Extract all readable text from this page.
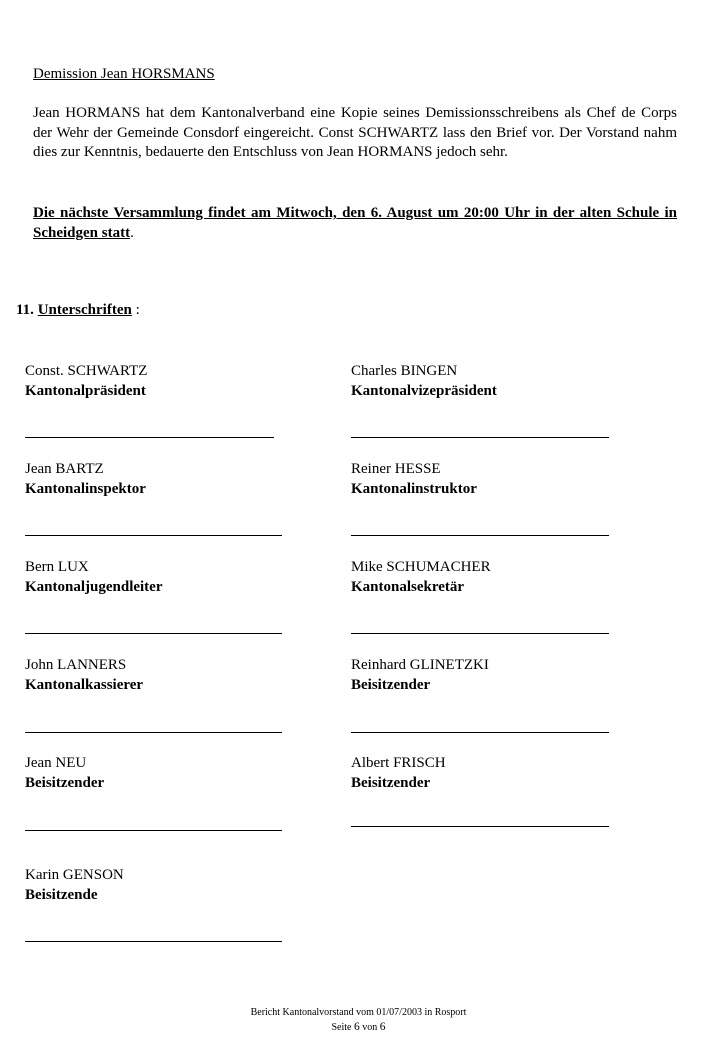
Demission Jean HORSMANS
Jean HORMANS hat dem Kantonalverband eine Kopie seines Demissionsschreibens als Chef de Corps der Wehr der Gemeinde Consdorf eingereicht. Const SCHWARTZ lass den Brief vor. Der Vorstand nahm dies zur Kenntnis, bedauerte den Entschluss von Jean HORMANS jedoch sehr.
Die nächste Versammlung findet am Mitwoch, den 6. August um 20:00 Uhr in der alten Schule in Scheidgen statt.
11. Unterschriften :
Const. SCHWARTZ
Kantonalpräsident
Jean BARTZ
Kantonalinspektor
Bern LUX
Kantonaljugendleiter
John LANNERS
Kantonalkassierer
Jean NEU
Beisitzender
Karin GENSON
Beisitzende
Charles BINGEN
Kantonalvizepräsident
Reiner HESSE
Kantonalinstruktor
Mike SCHUMACHER
Kantonalsekretär
Reinhard GLINETZKI
Beisitzender
Albert FRISCH
Beisitzender
Bericht Kantonalvorstand vom 01/07/2003 in Rosport
Seite 6 von 6
